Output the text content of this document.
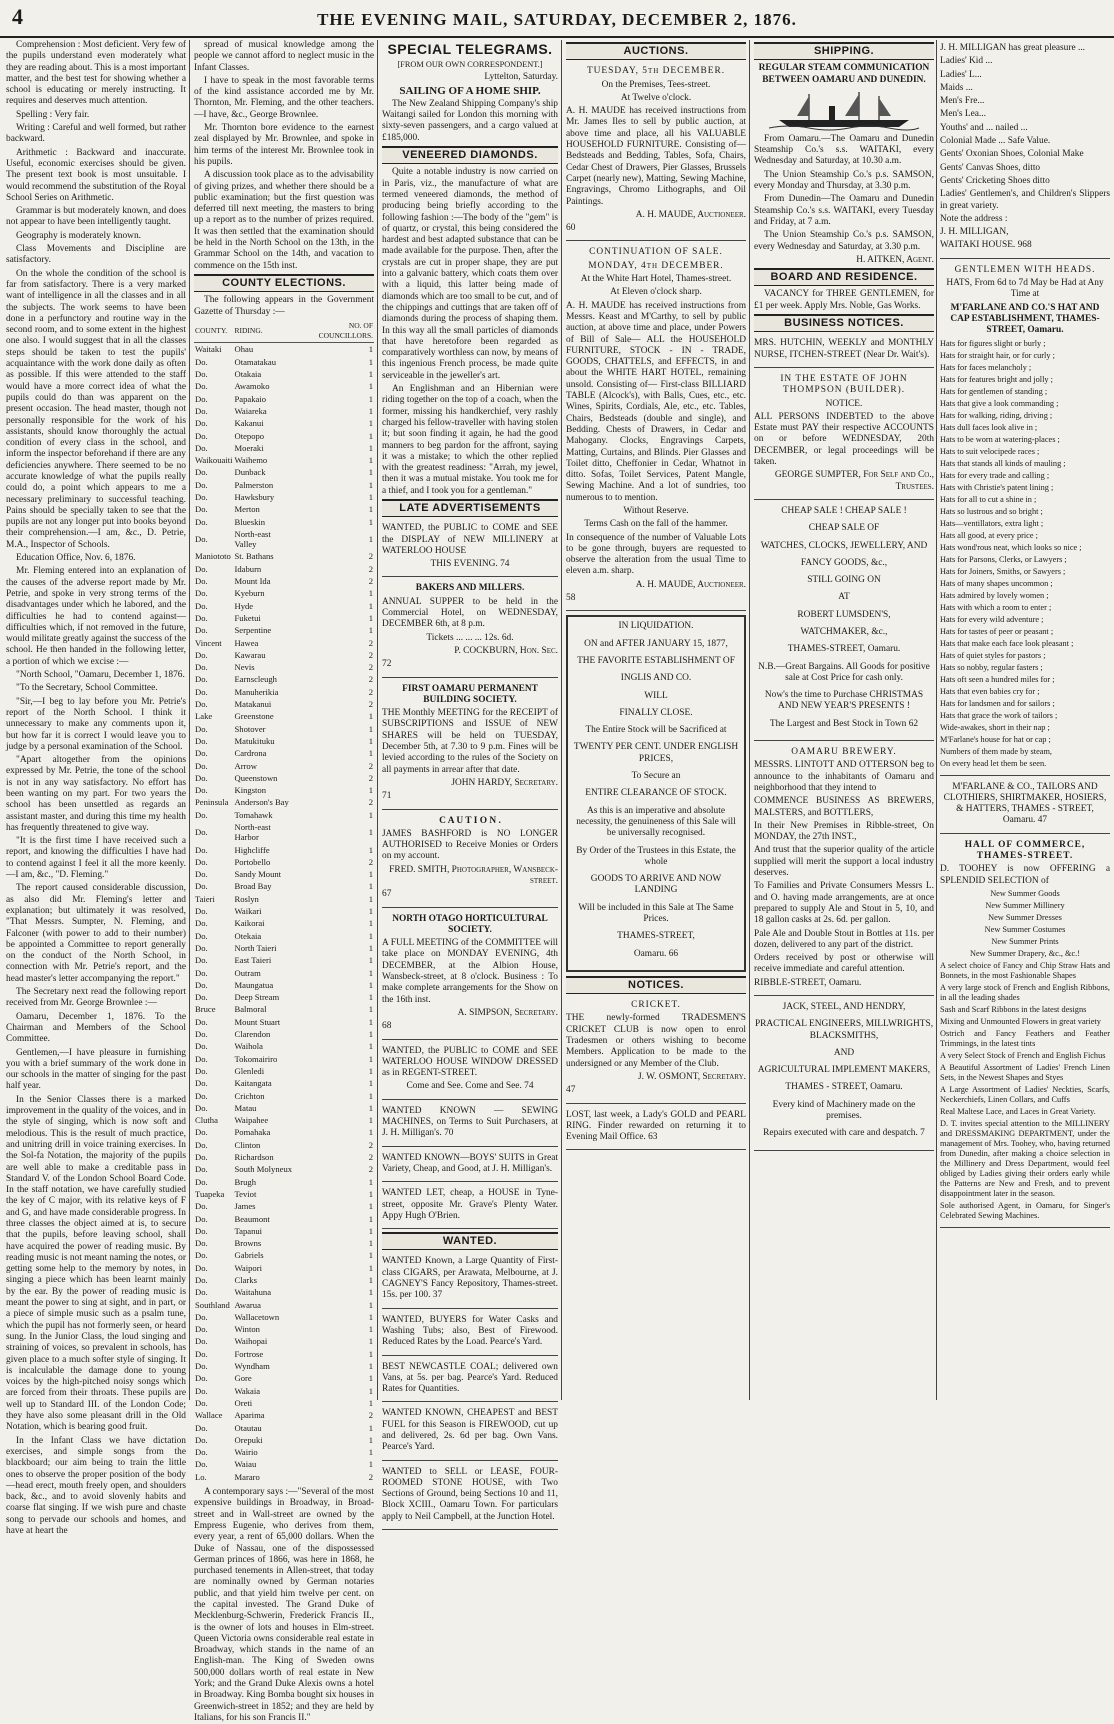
4	THE EVENING MAIL, SATURDAY, DECEMBER 2, 1876.

Comprehension : Most deficient. Very few of the pupils understand even moderately what they are reading about. This is a most important matter, and the best test for showing whether a school is educating or merely instructing. It requires and deserves much attention.

Spelling : Very fair.

Writing : Careful and well formed, but rather backward.

Arithmetic : Backward and inaccurate. Useful, economic exercises should be given. The present text book is most unsuitable. I would recommend the substitution of the Royal School Series on Arithmetic.

Grammar is but moderately known, and does not appear to have been intelligently taught.

Geography is moderately known.

Class Movements and Discipline are satisfactory.

On the whole the condition of the school is far from satisfactory. There is a very marked want of intelligence in all the classes and in all the subjects. The work seems to have been done in a perfunctory and routine way in the second room, and to some extent in the highest one also. I would suggest that in all the classes steps should be taken to test the pupils' acquaintance with the work done daily as often as possible. If this were attended to the staff would have a more correct idea of what the pupils could do than was apparent on the present occasion. The head master, though not personally responsible for the work of his assistants, should know thoroughly the actual condition of every class in the school, and inform the inspector beforehand if there are any deficiencies anywhere. There seemed to be no accurate knowledge of what the pupils really could do, a point which appears to me a necessary preliminary to successful teaching. Pains should be specially taken to see that the pupils are not any longer put into books beyond their comprehension.—I am, &c., D. Petrie, M.A., Inspector of Schools.

Education Office, Nov. 6, 1876.

Mr. Fleming entered into an explanation of the causes of the adverse report made by Mr. Petrie, and spoke in very strong terms of the disadvantages under which he labored, and the difficulties he had to contend against—difficulties which, if not removed in the future, would militate greatly against the success of the school. He then handed in the following letter, a portion of which we excise :—

"North School, "Oamaru, December 1, 1876.

"To the Secretary, School Committee.

"Sir,—I beg to lay before you Mr. Petrie's report of the North School. I think it unnecessary to make any comments upon it, but how far it is correct I would leave you to judge by a personal examination of the School.

"Apart altogether from the opinions expressed by Mr. Petrie, the tone of the school is not in any way satisfactory. No effort has been wanting on my part. For two years the school has been unsettled as regards an assistant master, and during this time my health has frequently threatened to give way.

"It is the first time I have received such a report, and knowing the difficulties I have had to contend against I feel it all the more keenly.—I am, &c., "D. Fleming."

The report caused considerable discussion, as also did Mr. Fleming's letter and explanation; but ultimately it was resolved, "That Messrs. Sumpter, N. Fleming, and Falconer (with power to add to their number) be appointed a Committee to report generally on the conduct of the North School, in connection with Mr. Petrie's report, and the head master's letter accompanying the report."

The Secretary next read the following report received from Mr. George Brownlee :—

Oamaru, December 1, 1876. To the Chairman and Members of the School Committee.

Gentlemen,—I have pleasure in furnishing you with a brief summary of the work done in our schools in the matter of singing for the past half year.

In the Senior Classes there is a marked improvement in the quality of the voices, and in the style of singing, which is now soft and melodious. This is the result of much practice, and unitring drill in voice training exercises. In the Sol-fa Notation, the majority of the pupils are well able to make a creditable pass in Standard V. of the London School Board Code. In the staff notation, we have carefully studied the key of C major, with its relative keys of F and G, and have made considerable progress. In three classes the object aimed at is, to secure that the pupils, before leaving school, shall have acquired the power of reading music. By reading music is not meant naming the notes, or getting some help to the memory by notes, in singing a piece which has been learnt mainly by the ear. By the power of reading music is meant the power to sing at sight, and in part, or a piece of simple music such as a psalm tune, which the pupil has not formerly seen, or heard sung. In the Junior Class, the loud singing and straining of voices, so prevalent in schools, has given place to a much softer style of singing. It is incalculable the damage done to young voices by the high-pitched noisy songs which are forced from their throats. These pupils are well up to Standard III. of the London Code; they have also some pleasant drill in the Old Notation, which is bearing good fruit.

In the Infant Class we have dictation exercises, and simple songs from the blackboard; our aim being to train the little ones to observe the proper position of the body—head erect, mouth freely open, and shoulders back, &c., and to avoid slovenly habits and coarse flat singing. If we wish pure and chaste song to pervade our schools and homes, and have at heart the

spread of musical knowledge among the people we cannot afford to neglect music in the Infant Classes.

I have to speak in the most favorable terms of the kind assistance accorded me by Mr. Thornton, Mr. Fleming, and the other teachers.—I have, &c., George Brownlee.

Mr. Thornton bore evidence to the earnest zeal displayed by Mr. Brownlee, and spoke in him terms of the interest Mr. Brownlee took in his pupils.

A discussion took place as to the advisability of giving prizes, and whether there should be a public examination; but the first question was deferred till next meeting, the masters to bring up a report as to the number of prizes required. It was then settled that the examination should be held in the North School on the 13th, in the Grammar School on the 14th, and vacation to commence on the 15th inst.

COUNTY ELECTIONS.

The following appears in the Government Gazette of Thursday :—

COUNTY.	RIDING.	NO. OF COUNCILLORS.
Waitaki	Ohau	1
Do.	Otamatakau	1
Do.	Otakaia	1
Do.	Awamoko	1
Do.	Papakaio	1
Do.	Waiareka	1
Do.	Kakanui	1
Do.	Otepopo	1
Do.	Moeraki	1
Waikouaiti	Waihemo	1
Do.	Dunback	1
Do.	Palmerston	1
Do.	Hawksbury	1
Do.	Merton	1
Do.	Blueskin	1
Do.	North-east Valley	1
Maniototo	St. Bathans	2
Do.	Idaburn	2
Do.	Mount Ida	2
Do.	Kyeburn	1
Do.	Hyde	1
Do.	Fuketui	1
Do.	Serpentine	1
Vincent	Hawea	2
Do.	Kawarau	2
Do.	Nevis	2
Do.	Earnscleugh	2
Do.	Manuherikia	2
Do.	Matakanui	2
Lake	Greenstone	1
Do.	Shotover	1
Do.	Matukituku	1
Do.	Cardrona	1
Do.	Arrow	2
Do.	Queenstown	2
Do.	Kingston	1
Peninsula	Anderson's Bay	2
Do.	Tomahawk	1
Do.	North-east Harbor	1
Do.	Highcliffe	1
Do.	Portobello	2
Do.	Sandy Mount	1
Do.	Broad Bay	1
Taieri	Roslyn	1
Do.	Waikari	1
Do.	Kaikorai	1
Do.	Otekaia	1
Do.	North Taieri	1
Do.	East Taieri	1
Do.	Outram	1
Do.	Maungatua	1
Do.	Deep Stream	1
Bruce	Balmoral	1
Do.	Mount Stuart	1
Do.	Clarendon	1
Do.	Waihola	1
Do.	Tokomairiro	1
Do.	Glenledi	1
Do.	Kaitangata	1
Do.	Crichton	1
Do.	Matau	1
Clutha	Waipahee	1
Do.	Pomahaka	1
Do.	Clinton	2
Do.	Richardson	2
Do.	South Molyneux	2
Do.	Brugh	1
Tuapeka	Teviot	1
Do.	James	1
Do.	Beaumont	1
Do.	Tapanui	1
Do.	Browns	1
Do.	Gabriels	1
Do.	Waipori	1
Do.	Clarks	1
Do.	Waitahuna	1
Southland	Awarua	1
Do.	Wallacetown	1
Do.	Winton	1
Do.	Waihopai	1
Do.	Fortrose	1
Do.	Wyndham	1
Do.	Gore	1
Do.	Wakaia	1
Do.	Oreti	1
Wallace	Aparima	2
Do.	Otautau	1
Do.	Orepuki	1
Do.	Wairio	1
Do.	Waiau	1
Lo.	Mararo	2

A contemporary says :—"Several of the most expensive buildings in Broadway, in Broad-street and in Wall-street are owned by the Empress Eugenie, who derives from them, every year, a rent of 65,000 dollars. When the Duke of Nassau, one of the dispossessed German princes of 1866, was here in 1868, he purchased tenements in Allen-street, that today are nominally owned by German notaries public, and that yield him twelve per cent. on the capital invested. The Grand Duke of Mecklenburg-Schwerin, Frederick Francis II., is the owner of lots and houses in Elm-street. Queen Victoria owns considerable real estate in Broadway, which stands in the name of an English-man. The King of Sweden owns 500,000 dollars worth of real estate in New York; and the Grand Duke Alexis owns a hotel in Broadway. King Bomba bought six houses in Greenwich-street in 1852; and they are held by Italians, for his son Francis II."

SPECIAL TELEGRAMS.

[FROM OUR OWN CORRESPONDENT.]

Lyttelton, Saturday.

SAILING OF A HOME SHIP.

The New Zealand Shipping Company's ship Waitangi sailed for London this morning with sixty-seven passengers, and a cargo valued at £185,000.

VENEERED DIAMONDS.

Quite a notable industry is now carried on in Paris, viz., the manufacture of what are termed veneered diamonds, the method of producing being briefly according to the following fashion :—The body of the "gem" is of quartz, or crystal, this being considered the hardest and best adapted substance that can be made available for the purpose. Then, after the crystals are cut in proper shape, they are put into a galvanic battery, which coats them over with a liquid, this latter being made of diamonds which are too small to be cut, and of the chippings and cuttings that are taken off of diamonds during the process of shaping them. In this way all the small particles of diamonds that have heretofore been regarded as comparatively worthless can now, by means of this ingenious French process, be made quite serviceable in the jeweller's art.

An Englishman and an Hibernian were riding together on the top of a coach, when the former, missing his handkerchief, very rashly charged his fellow-traveller with having stolen it; but soon finding it again, he had the good manners to beg pardon for the affront, saying it was a mistake; to which the other replied with the greatest readiness: "Arrah, my jewel, then it was a mutual mistake. You took me for a thief, and I took you for a gentleman."

LATE ADVERTISEMENTS

WANTED, the PUBLIC to COME and SEE the DISPLAY of NEW MILLINERY at WATERLOO HOUSE

THIS EVENING. 74

BAKERS AND MILLERS.

ANNUAL SUPPER to be held in the Commercial Hotel, on WEDNESDAY, DECEMBER 6th, at 8 p.m.

Tickets ... ... ... 12s. 6d.

P. COCKBURN, Hon. Sec.

72

FIRST OAMARU PERMANENT BUILDING SOCIETY.

THE Monthly MEETING for the RECEIPT of SUBSCRIPTIONS and ISSUE of NEW SHARES will be held on TUESDAY, December 5th, at 7.30 to 9 p.m. Fines will be levied according to the rules of the Society on all payments in arrear after that date.

JOHN HARDY, Secretary.

71

C A U T I O N .

JAMES BASHFORD is NO LONGER AUTHORISED to Receive Monies or Orders on my account.

FRED. SMITH, Photographer, Wansbeck-street.

67

NORTH OTAGO HORTICULTURAL SOCIETY.

A FULL MEETING of the COMMITTEE will take place on MONDAY EVENING, 4th DECEMBER, at the Albion House, Wansbeck-street, at 8 o'clock. Business : To make complete arrangements for the Show on the 16th inst.

A. SIMPSON, Secretary.

68

WANTED, the PUBLIC to COME and SEE WATERLOO HOUSE WINDOW DRESSED as in REGENT-STREET.

Come and See. Come and See. 74

WANTED KNOWN — SEWING MACHINES, on Terms to Suit Purchasers, at J. H. Milligan's. 70

WANTED KNOWN—BOYS' SUITS in Great Variety, Cheap, and Good, at J. H. Milligan's.

WANTED LET, cheap, a HOUSE in Tyne-street, opposite Mr. Grave's Plenty Water. Appy Hugh O'Brien.

WANTED.

WANTED Known, a Large Quantity of First-class CIGARS, per Arawata, Melbourne, at J. CAGNEY'S Fancy Repository, Thames-street. 15s. per 100. 37

WANTED, BUYERS for Water Casks and Washing Tubs; also, Best of Firewood. Reduced Rates by the Load. Pearce's Yard.

BEST NEWCASTLE COAL; delivered own Vans, at 5s. per bag. Pearce's Yard. Reduced Rates for Quantities.

WANTED KNOWN, CHEAPEST and BEST FUEL for this Season is FIREWOOD, cut up and delivered, 2s. 6d per bag. Own Vans. Pearce's Yard.

WANTED to SELL or LEASE, FOUR-ROOMED STONE HOUSE, with Two Sections of Ground, being Sections 10 and 11, Block XCIII., Oamaru Town. For particulars apply to Neil Campbell, at the Junction Hotel.

AUCTIONS.

TUESDAY, 5th DECEMBER.

On the Premises, Tees-street.

At Twelve o'clock.

A. H. MAUDE has received instructions from Mr. James Iles to sell by public auction, at above time and place, all his VALUABLE HOUSEHOLD FURNITURE. Consisting of— Bedsteads and Bedding, Tables, Sofa, Chairs, Cedar Chest of Drawers, Pier Glasses, Brussels Carpet (nearly new), Matting, Sewing Machine, Engravings, Chromo Lithographs, and Oil Paintings.

A. H. MAUDE, Auctioneer.

60

CONTINUATION OF SALE.

MONDAY, 4th DECEMBER.

At the White Hart Hotel, Thames-street.

At Eleven o'clock sharp.

A. H. MAUDE has received instructions from Messrs. Keast and M'Carthy, to sell by public auction, at above time and place, under Powers of Bill of Sale— ALL the HOUSEHOLD FURNITURE, STOCK - IN - TRADE, GOODS, CHATTELS, and EFFECTS, in and about the WHITE HART HOTEL, remaining unsold. Consisting of— First-class BILLIARD TABLE (Alcock's), with Balls, Cues, etc., etc. Wines, Spirits, Cordials, Ale, etc., etc. Tables, Chairs, Bedsteads (double and single), and Bedding. Chests of Drawers, in Cedar and Mahogany. Clocks, Engravings Carpets, Matting, Curtains, and Blinds. Pier Glasses and Toilet ditto, Cheffonier in Cedar, Whatnot in ditto. Sofas, Toilet Services, Patent Mangle, Sewing Machine. And a lot of sundries, too numerous to to mention.

Without Reserve.

Terms Cash on the fall of the hammer.

In consequence of the number of Valuable Lots to be gone through, buyers are requested to observe the alteration from the usual Time to eleven a.m. sharp.

A. H. MAUDE, Auctioneer.

58

IN LIQUIDATION.

ON and AFTER JANUARY 15, 1877,

THE FAVORITE ESTABLISHMENT OF

INGLIS AND CO.

WILL

FINALLY CLOSE.

The Entire Stock will be Sacrificed at

TWENTY PER CENT. UNDER ENGLISH PRICES,

To Secure an

ENTIRE CLEARANCE OF STOCK.

As this is an imperative and absolute necessity, the genuineness of this Sale will be universally recognised.

By Order of the Trustees in this Estate, the whole

GOODS TO ARRIVE AND NOW LANDING

Will be included in this Sale at The Same Prices.

THAMES-STREET,

Oamaru. 66

NOTICES.

CRICKET.

THE newly-formed TRADESMEN'S CRICKET CLUB is now open to enrol Tradesmen or others wishing to become Members. Application to be made to the undersigned or any Member of the Club.

J. W. OSMONT, Secretary.

47

LOST, last week, a Lady's GOLD and PEARL RING. Finder rewarded on returning it to Evening Mail Office. 63

SHIPPING.

REGULAR STEAM COMMUNICATION BETWEEN OAMARU AND DUNEDIN.

From Oamaru.—The Oamaru and Dunedin Steamship Co.'s s.s. WAITAKI, every Wednesday and Saturday, at 10.30 a.m.

The Union Steamship Co.'s p.s. SAMSON, every Monday and Thursday, at 3.30 p.m.

From Dunedin—The Oamaru and Dunedin Steamship Co.'s s.s. WAITAKI, every Tuesday and Friday, at 7 a.m.

The Union Steamship Co.'s p.s. SAMSON, every Wednesday and Saturday, at 3.30 p.m.

H. AITKEN, Agent.

BOARD AND RESIDENCE.

VACANCY for THREE GENTLEMEN, for £1 per week. Apply Mrs. Noble, Gas Works.

BUSINESS NOTICES.

MRS. HUTCHIN, WEEKLY and MONTHLY NURSE, ITCHEN-STREET (Near Dr. Wait's).

IN THE ESTATE OF JOHN THOMPSON (BUILDER).

NOTICE.

ALL PERSONS INDEBTED to the above Estate must PAY their respective ACCOUNTS on or before WEDNESDAY, 20th DECEMBER, or legal proceedings will be taken.

GEORGE SUMPTER, For Self and Co., Trustees.

CHEAP SALE ! CHEAP SALE !

CHEAP SALE OF

WATCHES, CLOCKS, JEWELLERY, AND

FANCY GOODS, &c.,

STILL GOING ON

AT

ROBERT LUMSDEN'S,

WATCHMAKER, &c.,

THAMES-STREET, Oamaru.

N.B.—Great Bargains. All Goods for positive sale at Cost Price for cash only.

Now's the time to Purchase CHRISTMAS AND NEW YEAR'S PRESENTS !

The Largest and Best Stock in Town 62

OAMARU BREWERY.

MESSRS. LINTOTT AND OTTERSON beg to announce to the inhabitants of Oamaru and neighborhood that they intend to

COMMENCE BUSINESS AS BREWERS, MALSTERS, and BOTTLERS,

In their New Premises in Ribble-street, On MONDAY, the 27th INST.,

And trust that the superior quality of the article supplied will merit the support a local industry deserves.

To Families and Private Consumers Messrs L. and O. having made arrangements, are at once prepared to supply Ale and Stout in 5, 10, and 18 gallon casks at 2s. 6d. per gallon.

Pale Ale and Double Stout in Bottles at 11s. per dozen, delivered to any part of the district.

Orders received by post or otherwise will receive immediate and careful attention.

RIBBLE-STREET, Oamaru.

JACK, STEEL, AND HENDRY,

PRACTICAL ENGINEERS, MILLWRIGHTS, BLACKSMITHS,

AND

AGRICULTURAL IMPLEMENT MAKERS,

THAMES - STREET, Oamaru.

Every kind of Machinery made on the premises.

Repairs executed with care and despatch. 7

J. H. MILLIGAN has great pleasure ...

Ladies' Kid ...

Ladies' L...

Maids ...

Men's Fre...

Men's Lea...

Youths' and ... nailed ...

Colonial Made ... Safe Value.

Gents' Oxonian Shoes, Colonial Make

Gents' Canvas Shoes, ditto

Gents' Cricketing Shoes ditto

Ladies' Gentlemen's, and Children's Slippers in great variety.

Note the address :

J. H. MILLIGAN,

WAITAKI HOUSE. 968

GENTLEMEN WITH HEADS.

HATS, From 6d to 7d May be Had at Any Time at

M'FARLANE AND CO.'S HAT AND CAP ESTABLISHMENT, THAMES-STREET, Oamaru.

Hats for figures slight or burly ;

Hats for straight hair, or for curly ;

Hats for faces melancholy ;

Hats for features bright and jolly ;

Hats for gentlemen of standing ;

Hats that give a look commanding ;

Hats for walking, riding, driving ;

Hats dull faces look alive in ;

Hats to be worn at watering-places ;

Hats to suit velocipede races ;

Hats that stands all kinds of mauling ;

Hats for every trade and calling ;

Hats with Christie's patent lining ;

Hats for all to cut a shine in ;

Hats so lustrous and so bright ;

Hats—ventillators, extra light ;

Hats all good, at every price ;

Hats wond'rous neat, which looks so nice ;

Hats for Parsons, Clerks, or Lawyers ;

Hats for Joiners, Smiths, or Sawyers ;

Hats of many shapes uncommon ;

Hats admired by lovely women ;

Hats with which a room to enter ;

Hats for every wild adventure ;

Hats for tastes of peer or peasant ;

Hats that make each face look pleasant ;

Hats of quiet styles for pastors ;

Hats so nobby, regular fasters ;

Hats oft seen a hundred miles for ;

Hats that even babies cry for ;

Hats for landsmen and for sailors ;

Hats that grace the work of tailors ;

Wide-awakes, short in their nap ;

M'Farlane's house for hat or cap ;

Numbers of them made by steam,

On every head let them be seen.

M'FARLANE & CO., TAILORS AND CLOTHIERS, SHIRTMAKER, HOSIERS, & HATTERS, THAMES - STREET, Oamaru. 47

HALL OF COMMERCE, THAMES-STREET.

D. TOOHEY is now OFFERING a SPLENDID SELECTION of

New Summer Goods

New Summer Millinery

New Summer Dresses

New Summer Costumes

New Summer Prints

New Summer Drapery, &c., &c.!

A select choice of Fancy and Chip Straw Hats and Bonnets, in the most Fashionable Shapes

A very large stock of French and English Ribbons, in all the leading shades

Sash and Scarf Ribbons in the latest designs

Mixing and Unmounted Flowers in great variety

Ostrich and Fancy Feathers and Feather Trimmings, in the latest tints

A very Select Stock of French and English Fichus

A Beautiful Assortment of Ladies' French Linen Sets, in the Newest Shapes and Styes

A Large Assortment of Ladies' Neckties, Scarfs, Neckerchiefs, Linen Collars, and Cuffs

Real Maltese Lace, and Laces in Great Variety.

D. T. invites special attention to the MILLINERY and DRESSMAKING DEPARTMENT, under the management of Mrs. Toohey, who, having returned from Dunedin, after making a choice selection in the Millinery and Dress Department, would feel obliged by Ladies giving their orders early while the Patterns are New and Fresh, and to prevent disappointment later in the season.

Sole authorised Agent, in Oamaru, for Singer's Celebrated Sewing Machines.
